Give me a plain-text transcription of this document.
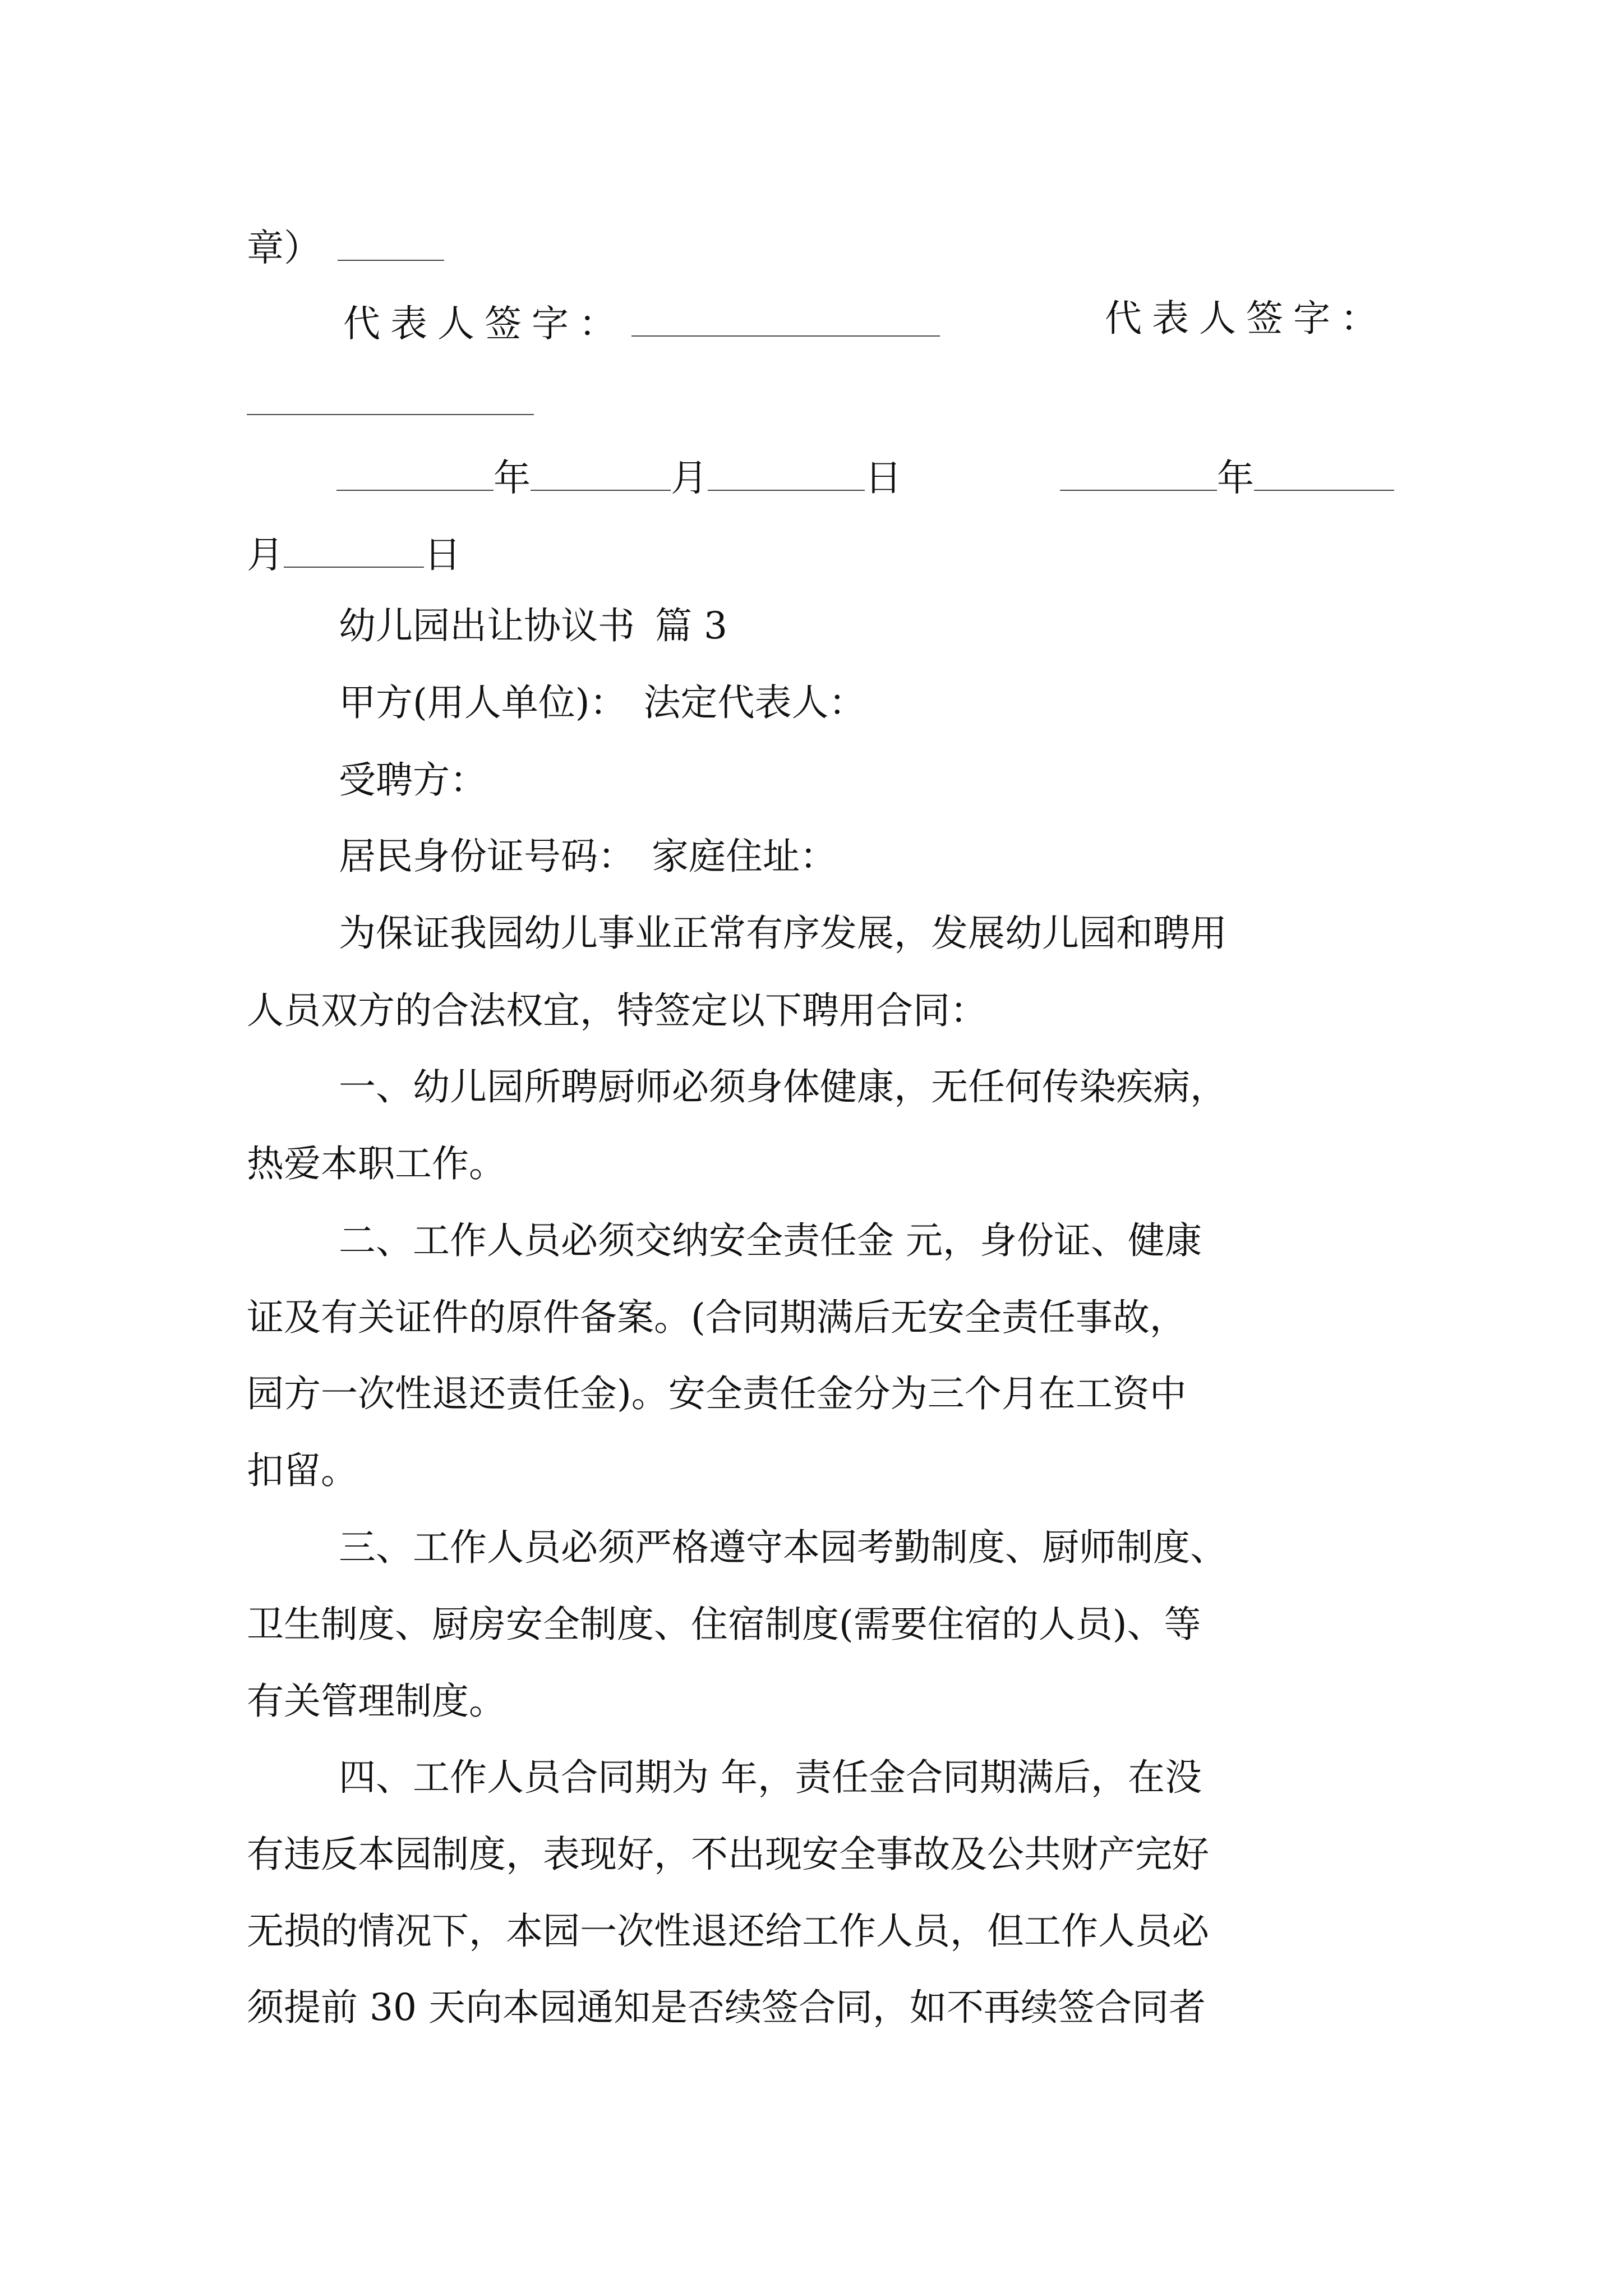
章）
代表人签字：	代表人签字：
年	月	日	年
月	日
幼儿园出让协议书 篇 3
甲方(用人单位)： 法定代表人：
受聘方：
居民身份证号码： 家庭住址：
为保证我园幼儿事业正常有序发展，发展幼儿园和聘用
人员双方的合法权宜，特签定以下聘用合同：
一、幼儿园所聘厨师必须身体健康，无任何传染疾病，
热爱本职工作。
二、工作人员必须交纳安全责任金 元，身份证、健康
证及有关证件的原件备案。(合同期满后无安全责任事故，
园方一次性退还责任金)。安全责任金分为三个月在工资中
扣留。
三、工作人员必须严格遵守本园考勤制度、厨师制度、
卫生制度、厨房安全制度、住宿制度(需要住宿的人员)、等
有关管理制度。
四、工作人员合同期为 年，责任金合同期满后，在没
有违反本园制度，表现好，不出现安全事故及公共财产完好
无损的情况下，本园一次性退还给工作人员，但工作人员必
须提前 30 天向本园通知是否续签合同，如不再续签合同者
